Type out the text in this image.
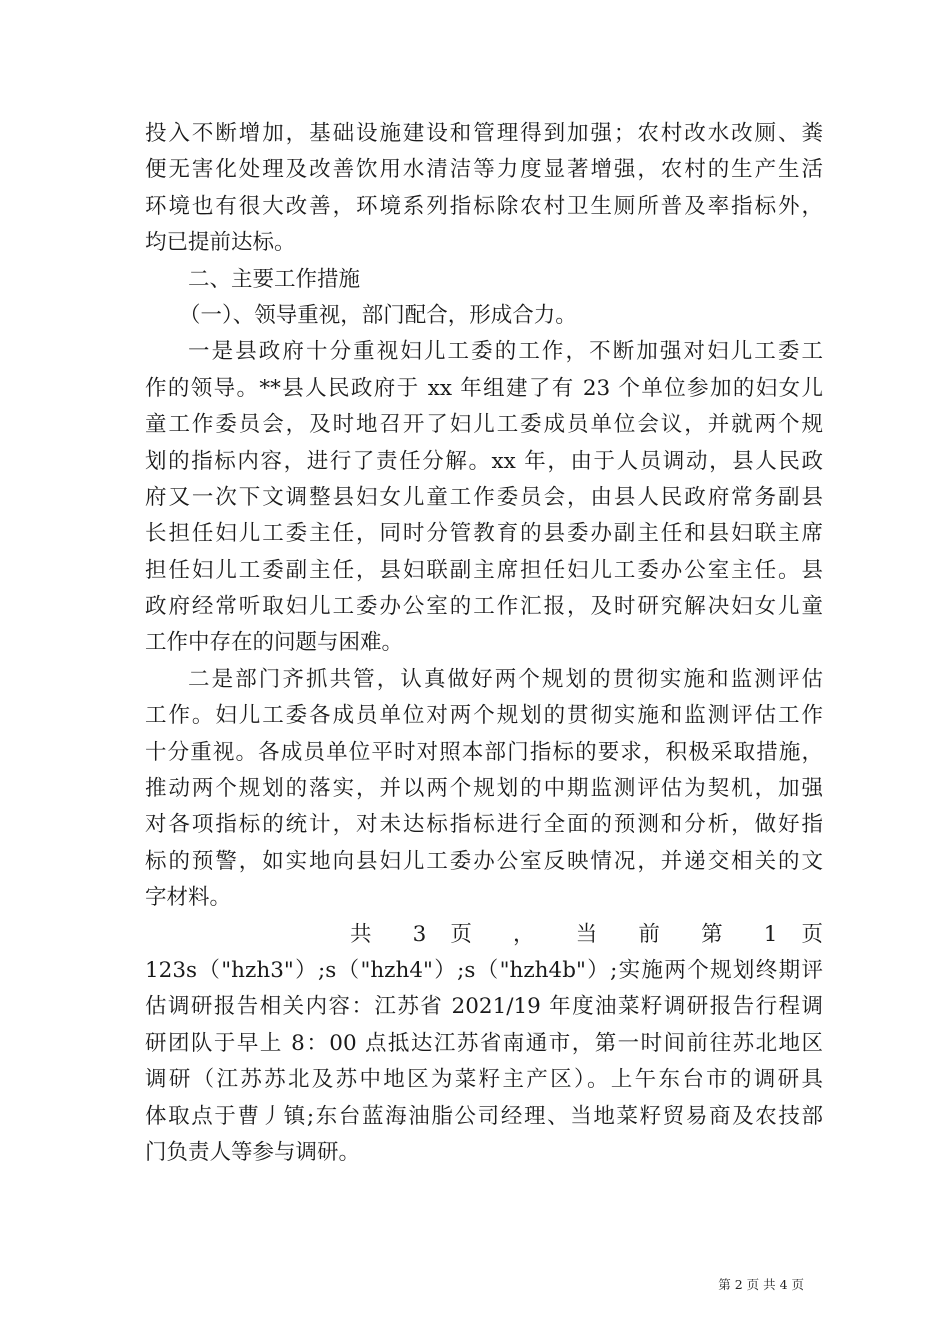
投入不断增加，基础设施建设和管理得到加强；农村改水改厕、粪
便无害化处理及改善饮用水清洁等力度显著增强，农村的生产生活
环境也有很大改善，环境系列指标除农村卫生厕所普及率指标外，
均已提前达标。
二、主要工作措施
（一）、领导重视，部门配合，形成合力。
一是县政府十分重视妇儿工委的工作，不断加强对妇儿工委工
作的领导。**县人民政府于 xx 年组建了有 23 个单位参加的妇女儿
童工作委员会，及时地召开了妇儿工委成员单位会议，并就两个规
划的指标内容，进行了责任分解。xx 年，由于人员调动，县人民政
府又一次下文调整县妇女儿童工作委员会，由县人民政府常务副县
长担任妇儿工委主任，同时分管教育的县委办副主任和县妇联主席
担任妇儿工委副主任，县妇联副主席担任妇儿工委办公室主任。县
政府经常听取妇儿工委办公室的工作汇报，及时研究解决妇女儿童
工作中存在的问题与困难。
二是部门齐抓共管，认真做好两个规划的贯彻实施和监测评估
工作。妇儿工委各成员单位对两个规划的贯彻实施和监测评估工作
十分重视。各成员单位平时对照本部门指标的要求，积极采取措施，
推动两个规划的落实，并以两个规划的中期监测评估为契机，加强
对各项指标的统计，对未达标指标进行全面的预测和分析，做好指
标的预警，如实地向县妇儿工委办公室反映情况，并递交相关的文
字材料。
共 3 页 ， 当 前 第 1 页
123s（"hzh3"）;s（"hzh4"）;s（"hzh4b"）;实施两个规划终期评
估调研报告相关内容：江苏省 2021/19 年度油菜籽调研报告行程调
研团队于早上 8：00 点抵达江苏省南通市，第一时间前往苏北地区
调研（江苏苏北及苏中地区为菜籽主产区）。上午东台市的调研具
体取点于曹丿镇;东台蓝海油脂公司经理、当地菜籽贸易商及农技部
门负责人等参与调研。
第 2 页 共 4 页
